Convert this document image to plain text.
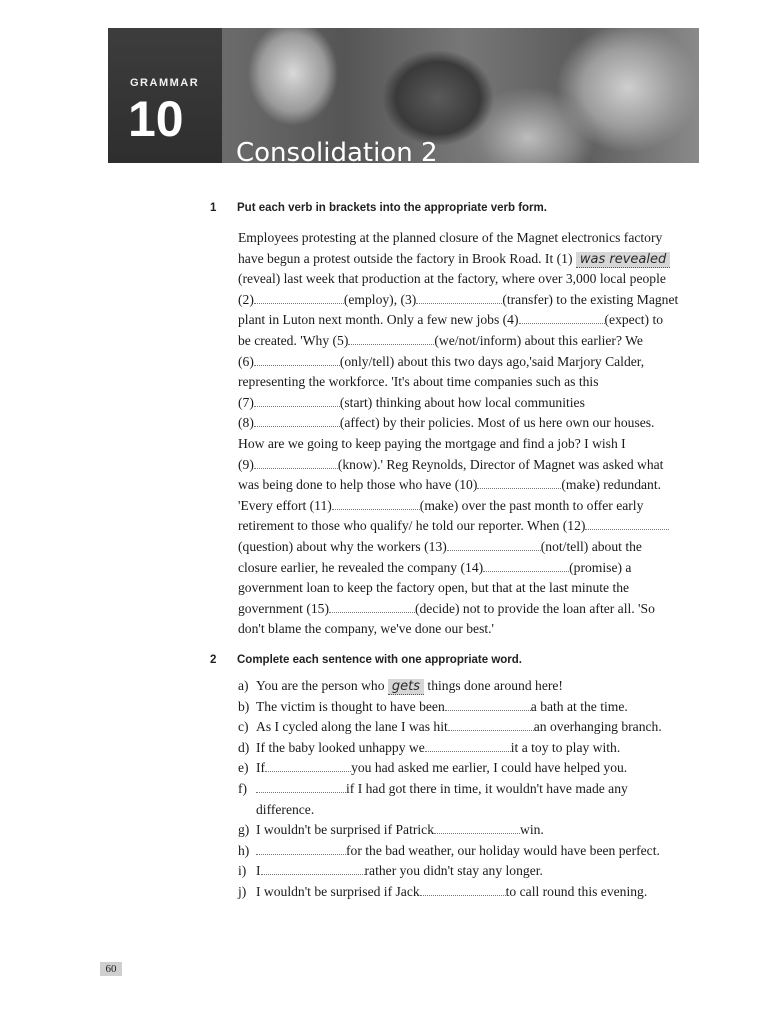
GRAMMAR
10
Consolidation 2
1 Put each verb in brackets into the appropriate verb form.
Employees protesting at the planned closure of the Magnet electronics factory
have begun a protest outside the factory in Brook Road. It (1) was revealed
(reveal) last week that production at the factory, where over 3,000 local people
(2)	(employ), (3)	(transfer) to the existing Magnet
plant in Luton next month. Only a few new jobs (4)	(expect) to
be created. 'Why (5)	(we/not/inform) about this earlier? We
(6)	(only/tell) about this two days ago,'said Marjory Calder,
representing the workforce. 'It's about time companies such as this
(7)	(start) thinking about how local communities
(8)	(affect) by their policies. Most of us here own our houses.
How are we going to keep paying the mortgage and find a job? I wish I
(9)	(know).' Reg Reynolds, Director of Magnet was asked what
was being done to help those who have (10)	(make) redundant.
'Every effort (11)	(make) over the past month to offer early
retirement to those who qualify/ he told our reporter. When (12)
(question) about why the workers (13)	(not/tell) about the
closure earlier, he revealed the company (14)	(promise) a
government loan to keep the factory open, but that at the last minute the
government (15)	(decide) not to provide the loan after all. 'So
don't blame the company, we've done our best.'
2 Complete each sentence with one appropriate word.
a) You are the person who gets things done around here!
b) The victim is thought to have been	a bath at the time.
c) As I cycled along the lane I was hit	an overhanging branch.
d) If the baby looked unhappy we	it a toy to play with.
e) If	you had asked me earlier, I could have helped you.
f)	if I had got there in time, it wouldn't have made any
difference.
g) I wouldn't be surprised if Patrick	win.
h)	for the bad weather, our holiday would have been perfect.
i) I	rather you didn't stay any longer.
j) I wouldn't be surprised if Jack	to call round this evening.
60
